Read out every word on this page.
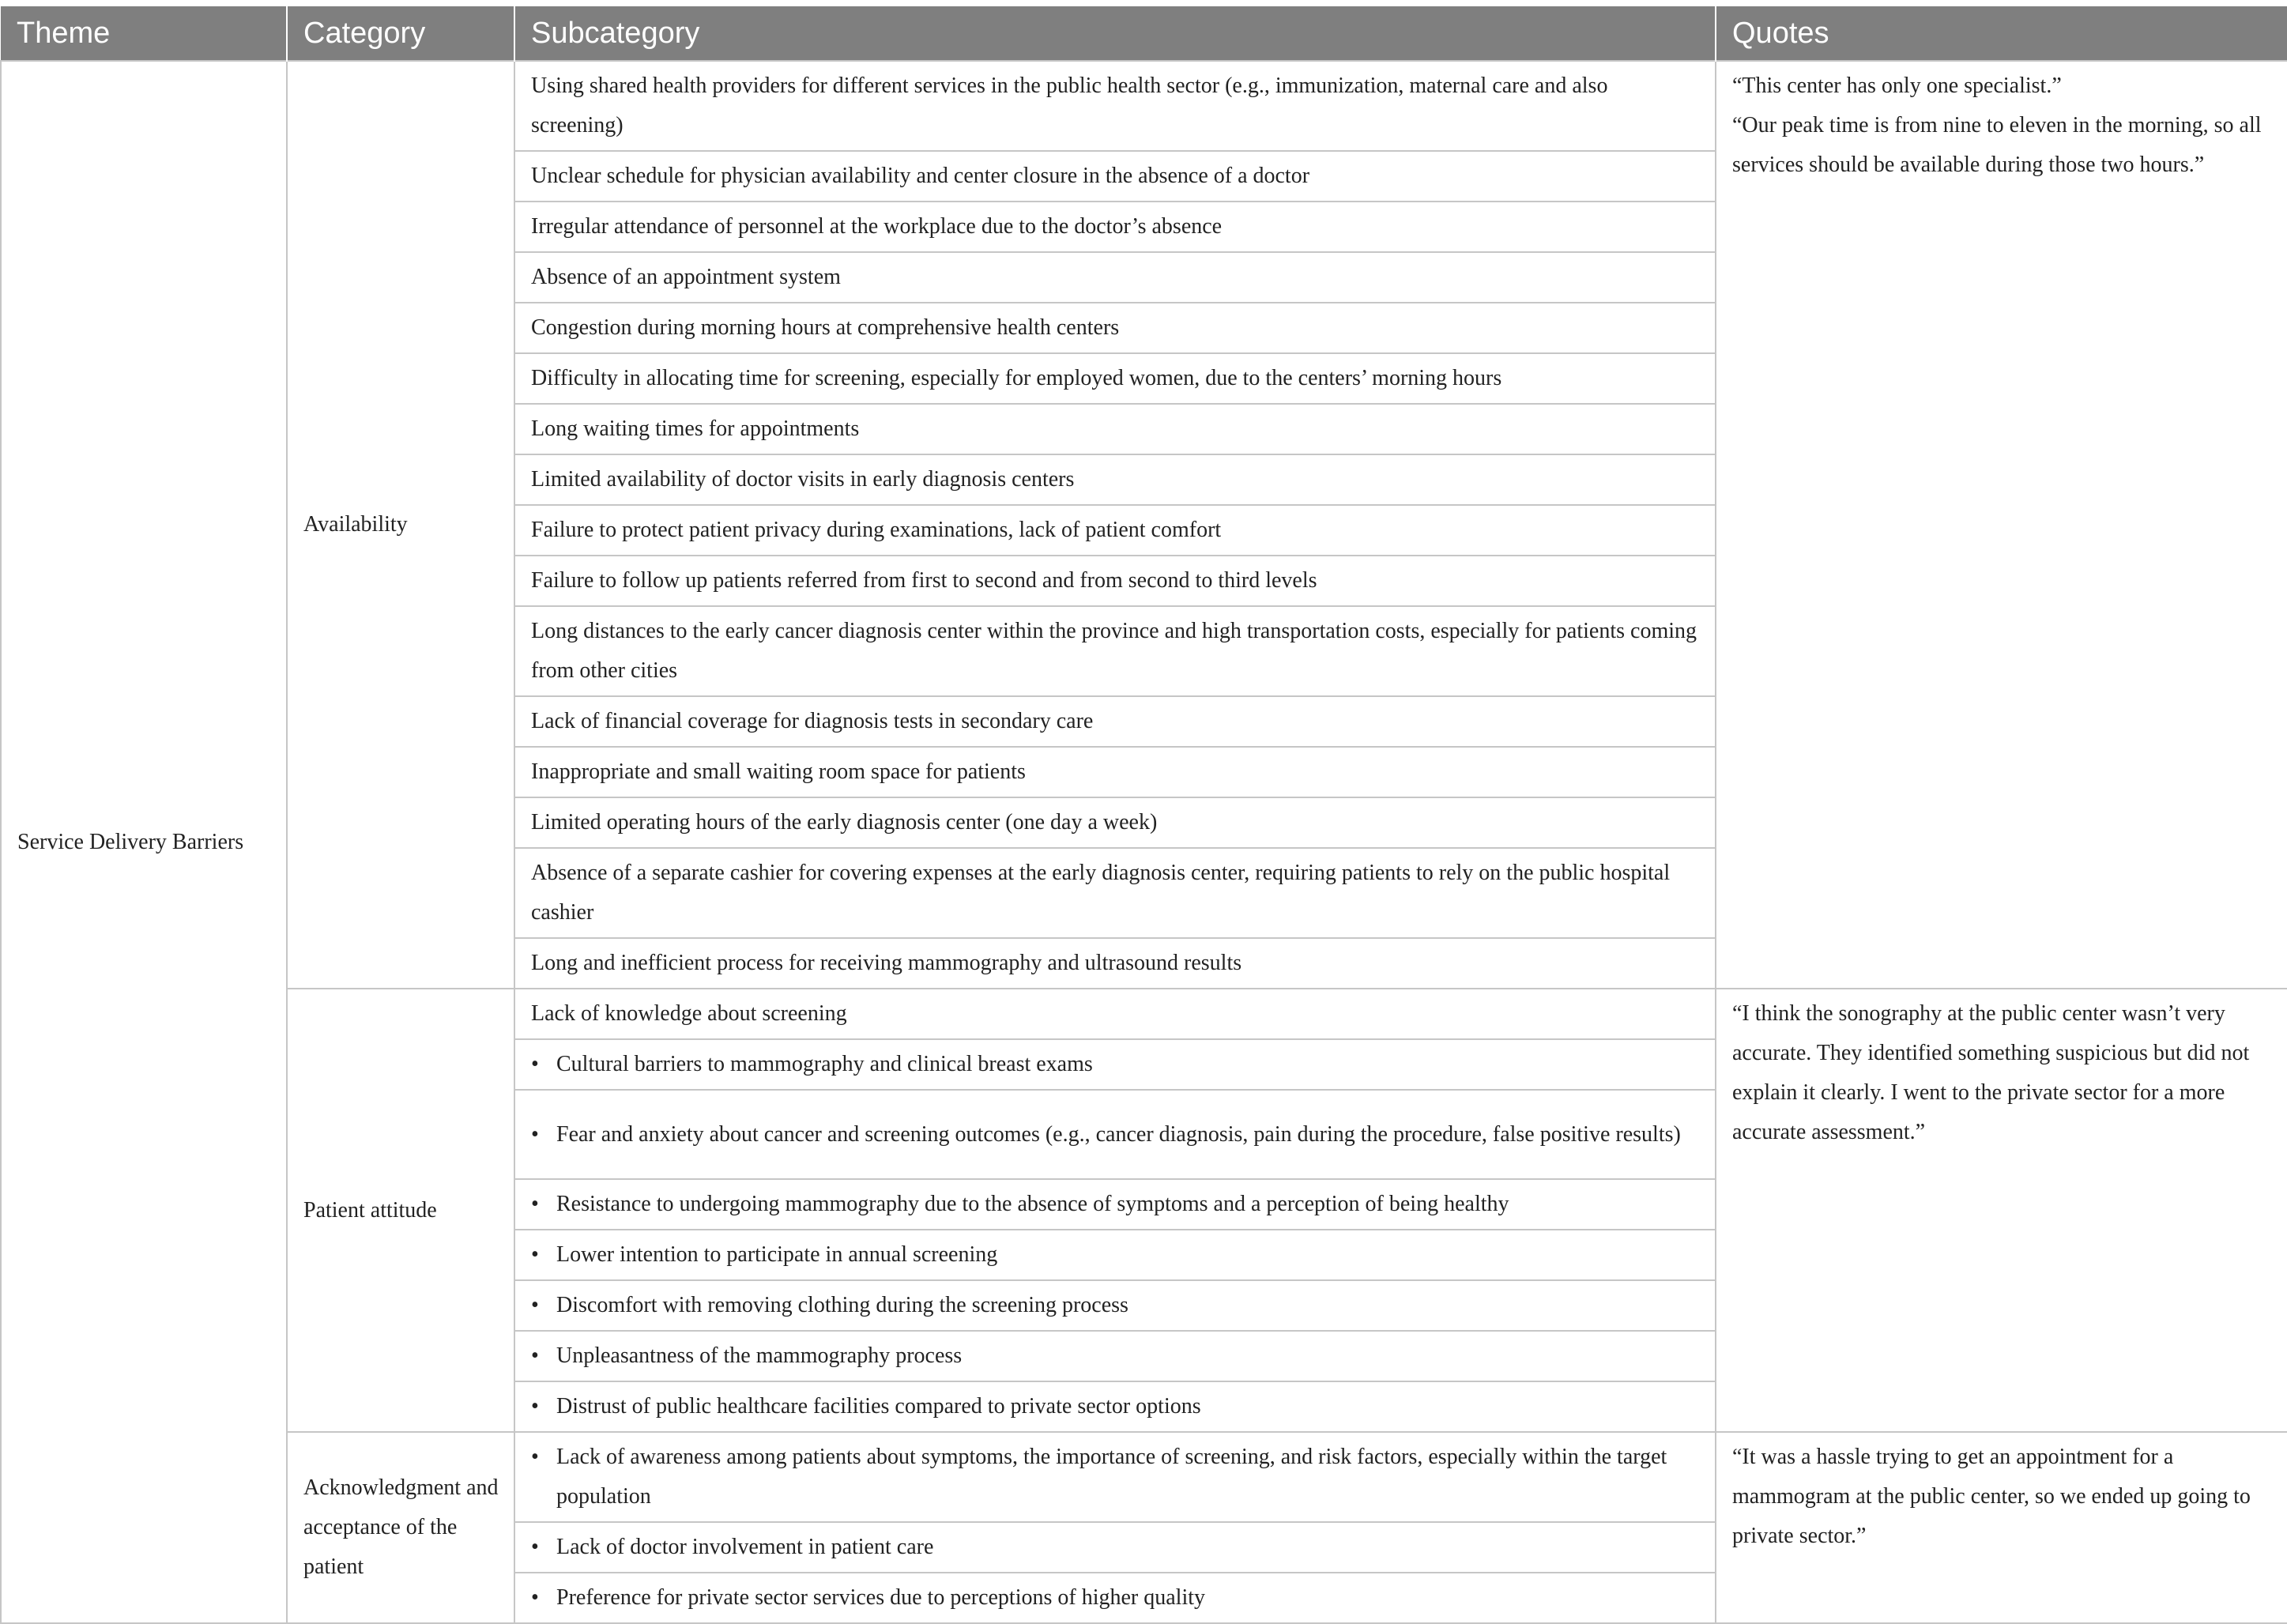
Theme	Category	Subcategory	Quotes
Service Delivery Barriers	Availability	Using shared health providers for different services in the public health sector (e.g., immunization, maternal care and also screening)	“This center has only one specialist.”
“Our peak time is from nine to eleven in the morning, so all services should be available during those two hours.”

		Unclear schedule for physician availability and center closure in the absence of a doctor	
		Irregular attendance of personnel at the workplace due to the doctor’s absence	
		Absence of an appointment system	
		Congestion during morning hours at comprehensive health centers	
		Difficulty in allocating time for screening, especially for employed women, due to the centers’ morning hours	
		Long waiting times for appointments	
		Limited availability of doctor visits in early diagnosis centers	
		Failure to protect patient privacy during examinations, lack of patient comfort	
		Failure to follow up patients referred from first to second and from second to third levels	
		Long distances to the early cancer diagnosis center within the province and high transportation costs, especially for patients coming from other cities	
		Lack of financial coverage for diagnosis tests in secondary care	
		Inappropriate and small waiting room space for patients	
		Limited operating hours of the early diagnosis center (one day a week)	
		Absence of a separate cashier for covering expenses at the early diagnosis center, requiring patients to rely on the public hospital cashier	
		Long and inefficient process for receiving mammography and ultrasound results	
	Patient attitude	Lack of knowledge about screening	“I think the sonography at the public center wasn’t very accurate. They identified something suspicious but did not explain it clearly. I went to the private sector for a more accurate assessment.”

		• Cultural barriers to mammography and clinical breast exams	

		• Fear and anxiety about cancer and screening outcomes (e.g., cancer diagnosis, pain during the procedure, false positive results)	

		• Resistance to undergoing mammography due to the absence of symptoms and a perception of being healthy	

		• Lower intention to participate in annual screening	

		• Discomfort with removing clothing during the screening process	

		• Unpleasantness of the mammography process	

		• Distrust of public healthcare facilities compared to private sector options	

	Acknowledgment and acceptance of the patient	• Lack of awareness among patients about symptoms, the importance of screening, and risk factors, especially within the target population	“It was a hassle trying to get an appointment for a mammogram at the public center, so we ended up going to private sector.”

		• Lack of doctor involvement in patient care	

		• Preference for private sector services due to perceptions of higher quality	
